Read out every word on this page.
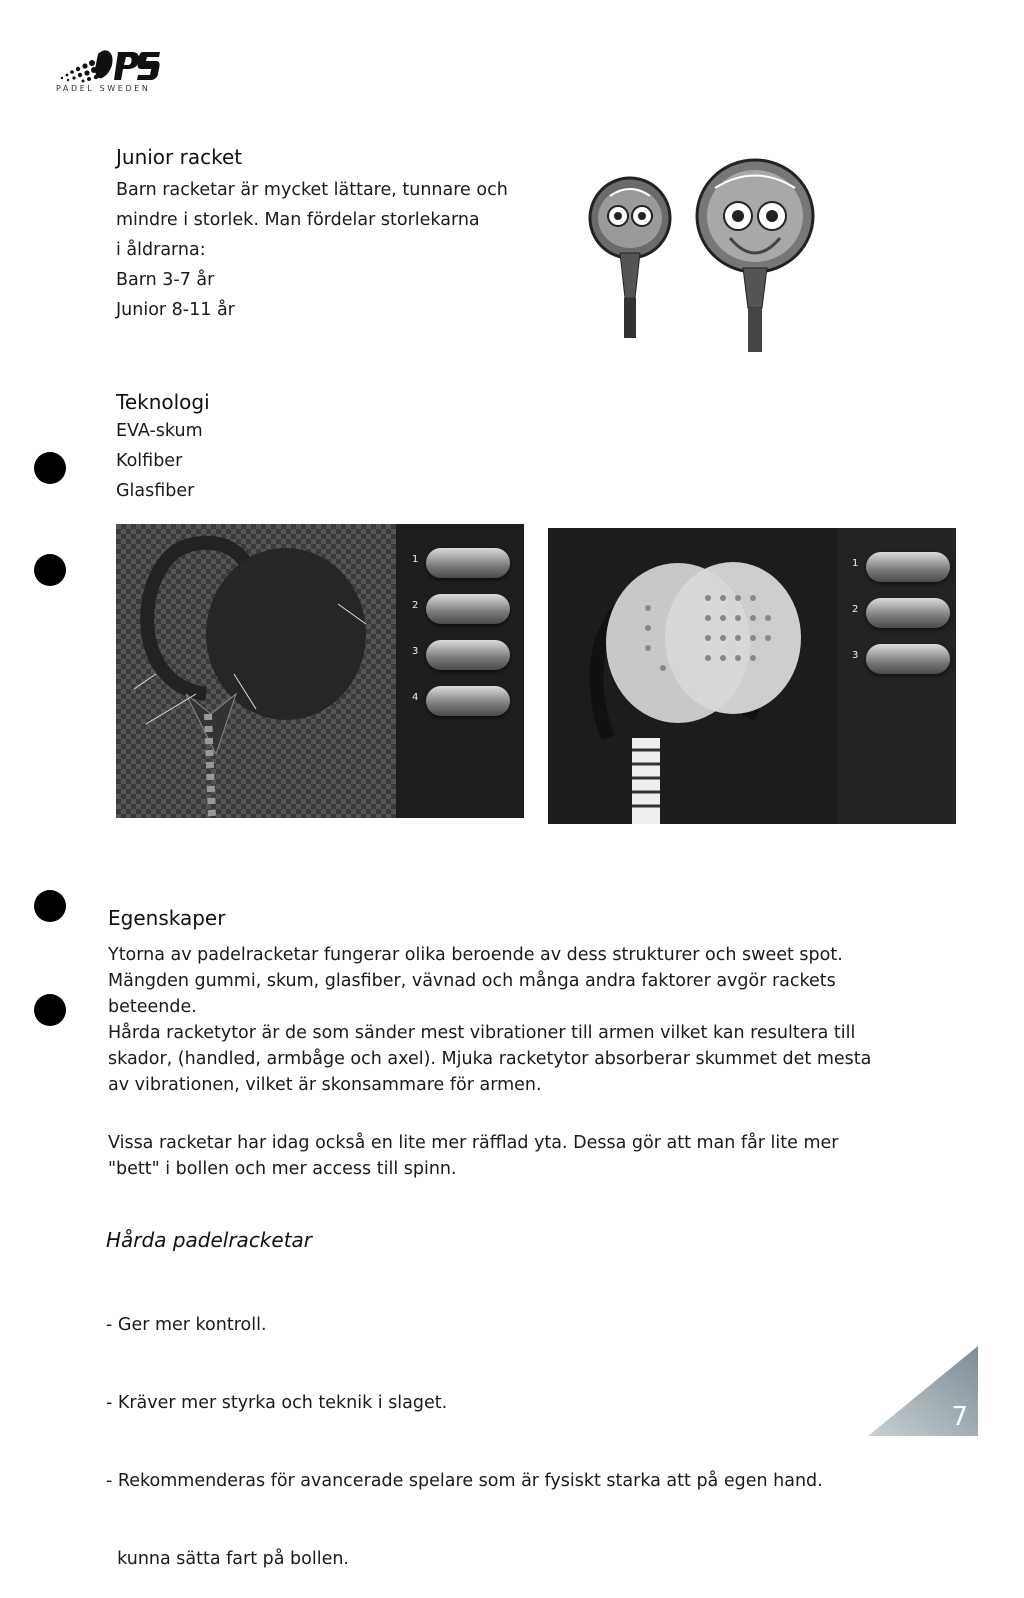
PADEL SWEDEN
Junior racket
Barn racketar är mycket lättare, tunnare och
mindre i storlek. Man fördelar storlekarna
i åldrarna:
Barn 3-7 år
Junior 8-11 år
Teknologi
EVA-skum
Kolfiber
Glasfiber
1
2
3
4
1
2
3
Egenskaper
Ytorna av padelracketar fungerar olika beroende av dess strukturer och sweet spot.
Mängden gummi, skum, glasfiber, vävnad och många andra faktorer avgör rackets
beteende.
Hårda racketytor är de som sänder mest vibrationer till armen vilket kan resultera till
skador, (handled, armbåge och axel). Mjuka racketytor absorberar skummet det mesta
av vibrationen, vilket är skonsammare för armen.
Vissa racketar har idag också en lite mer räfflad yta. Dessa gör att man får lite mer
"bett" i bollen och mer access till spinn.
Hårda padelracketar

- Ger mer kontroll.

- Kräver mer styrka och teknik i slaget.

- Rekommenderas för avancerade spelare som är fysiskt starka att på egen hand.

kunna sätta fart på bollen.

7
